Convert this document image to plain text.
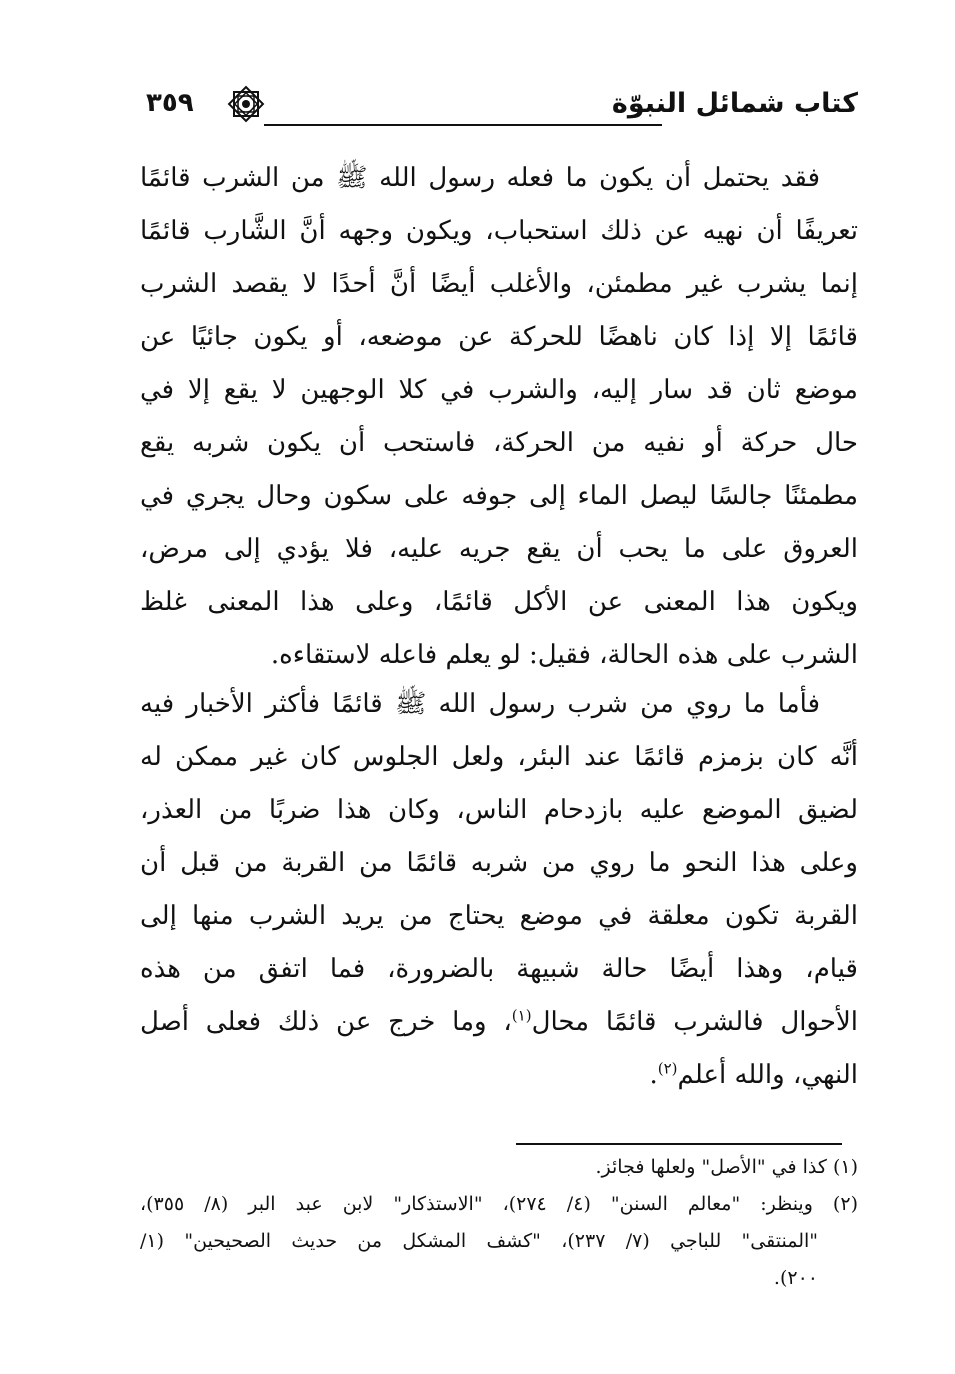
كتاب شمائل النبوّة
٣٥٩
فقد يحتمل أن يكون ما فعله رسول الله ﷺ من الشرب قائمًا
تعريفًا أن نهيه عن ذلك استحباب، ويكون وجهه أنَّ الشَّارب قائمًا
إنما يشرب غير مطمئن، والأغلب أيضًا أنَّ أحدًا لا يقصد الشرب
قائمًا إلا إذا كان ناهضًا للحركة عن موضعه، أو يكون جائيًا عن
موضع ثان قد سار إليه، والشرب في كلا الوجهين لا يقع إلا في
حال حركة أو نفيه من الحركة، فاستحب أن يكون شربه يقع
مطمئنًا جالسًا ليصل الماء إلى جوفه على سكون وحال يجري في
العروق على ما يحب أن يقع جريه عليه، فلا يؤدي إلى مرض،
ويكون هذا المعنى عن الأكل قائمًا، وعلى هذا المعنى غلظ
الشرب على هذه الحالة، فقيل: لو يعلم فاعله لاستقاءه.
فأما ما روي من شرب رسول الله ﷺ قائمًا فأكثر الأخبار فيه
أنَّه كان بزمزم قائمًا عند البئر، ولعل الجلوس كان غير ممكن له
لضيق الموضع عليه بازدحام الناس، وكان هذا ضربًا من العذر،
وعلى هذا النحو ما روي من شربه قائمًا من القربة من قبل أن
القربة تكون معلقة في موضع يحتاج من يريد الشرب منها إلى
قيام، وهذا أيضًا حالة شبيهة بالضرورة، فما اتفق من هذه
الأحوال فالشرب قائمًا محال$^{(١)}$، وما خرج عن ذلك فعلى أصل
النهي، والله أعلم$^{(٢)}$.
(١) كذا في "الأصل" ولعلها فجائز.
(٢) وينظر: "معالم السنن" (٤/ ٢٧٤)، "الاستذكار" لابن عبد البر (٨/ ٣٥٥)،
"المنتقى" للباجي (٧/ ٢٣٧)، "كشف المشكل من حديث الصحيحين" (١/
٢٠٠).
